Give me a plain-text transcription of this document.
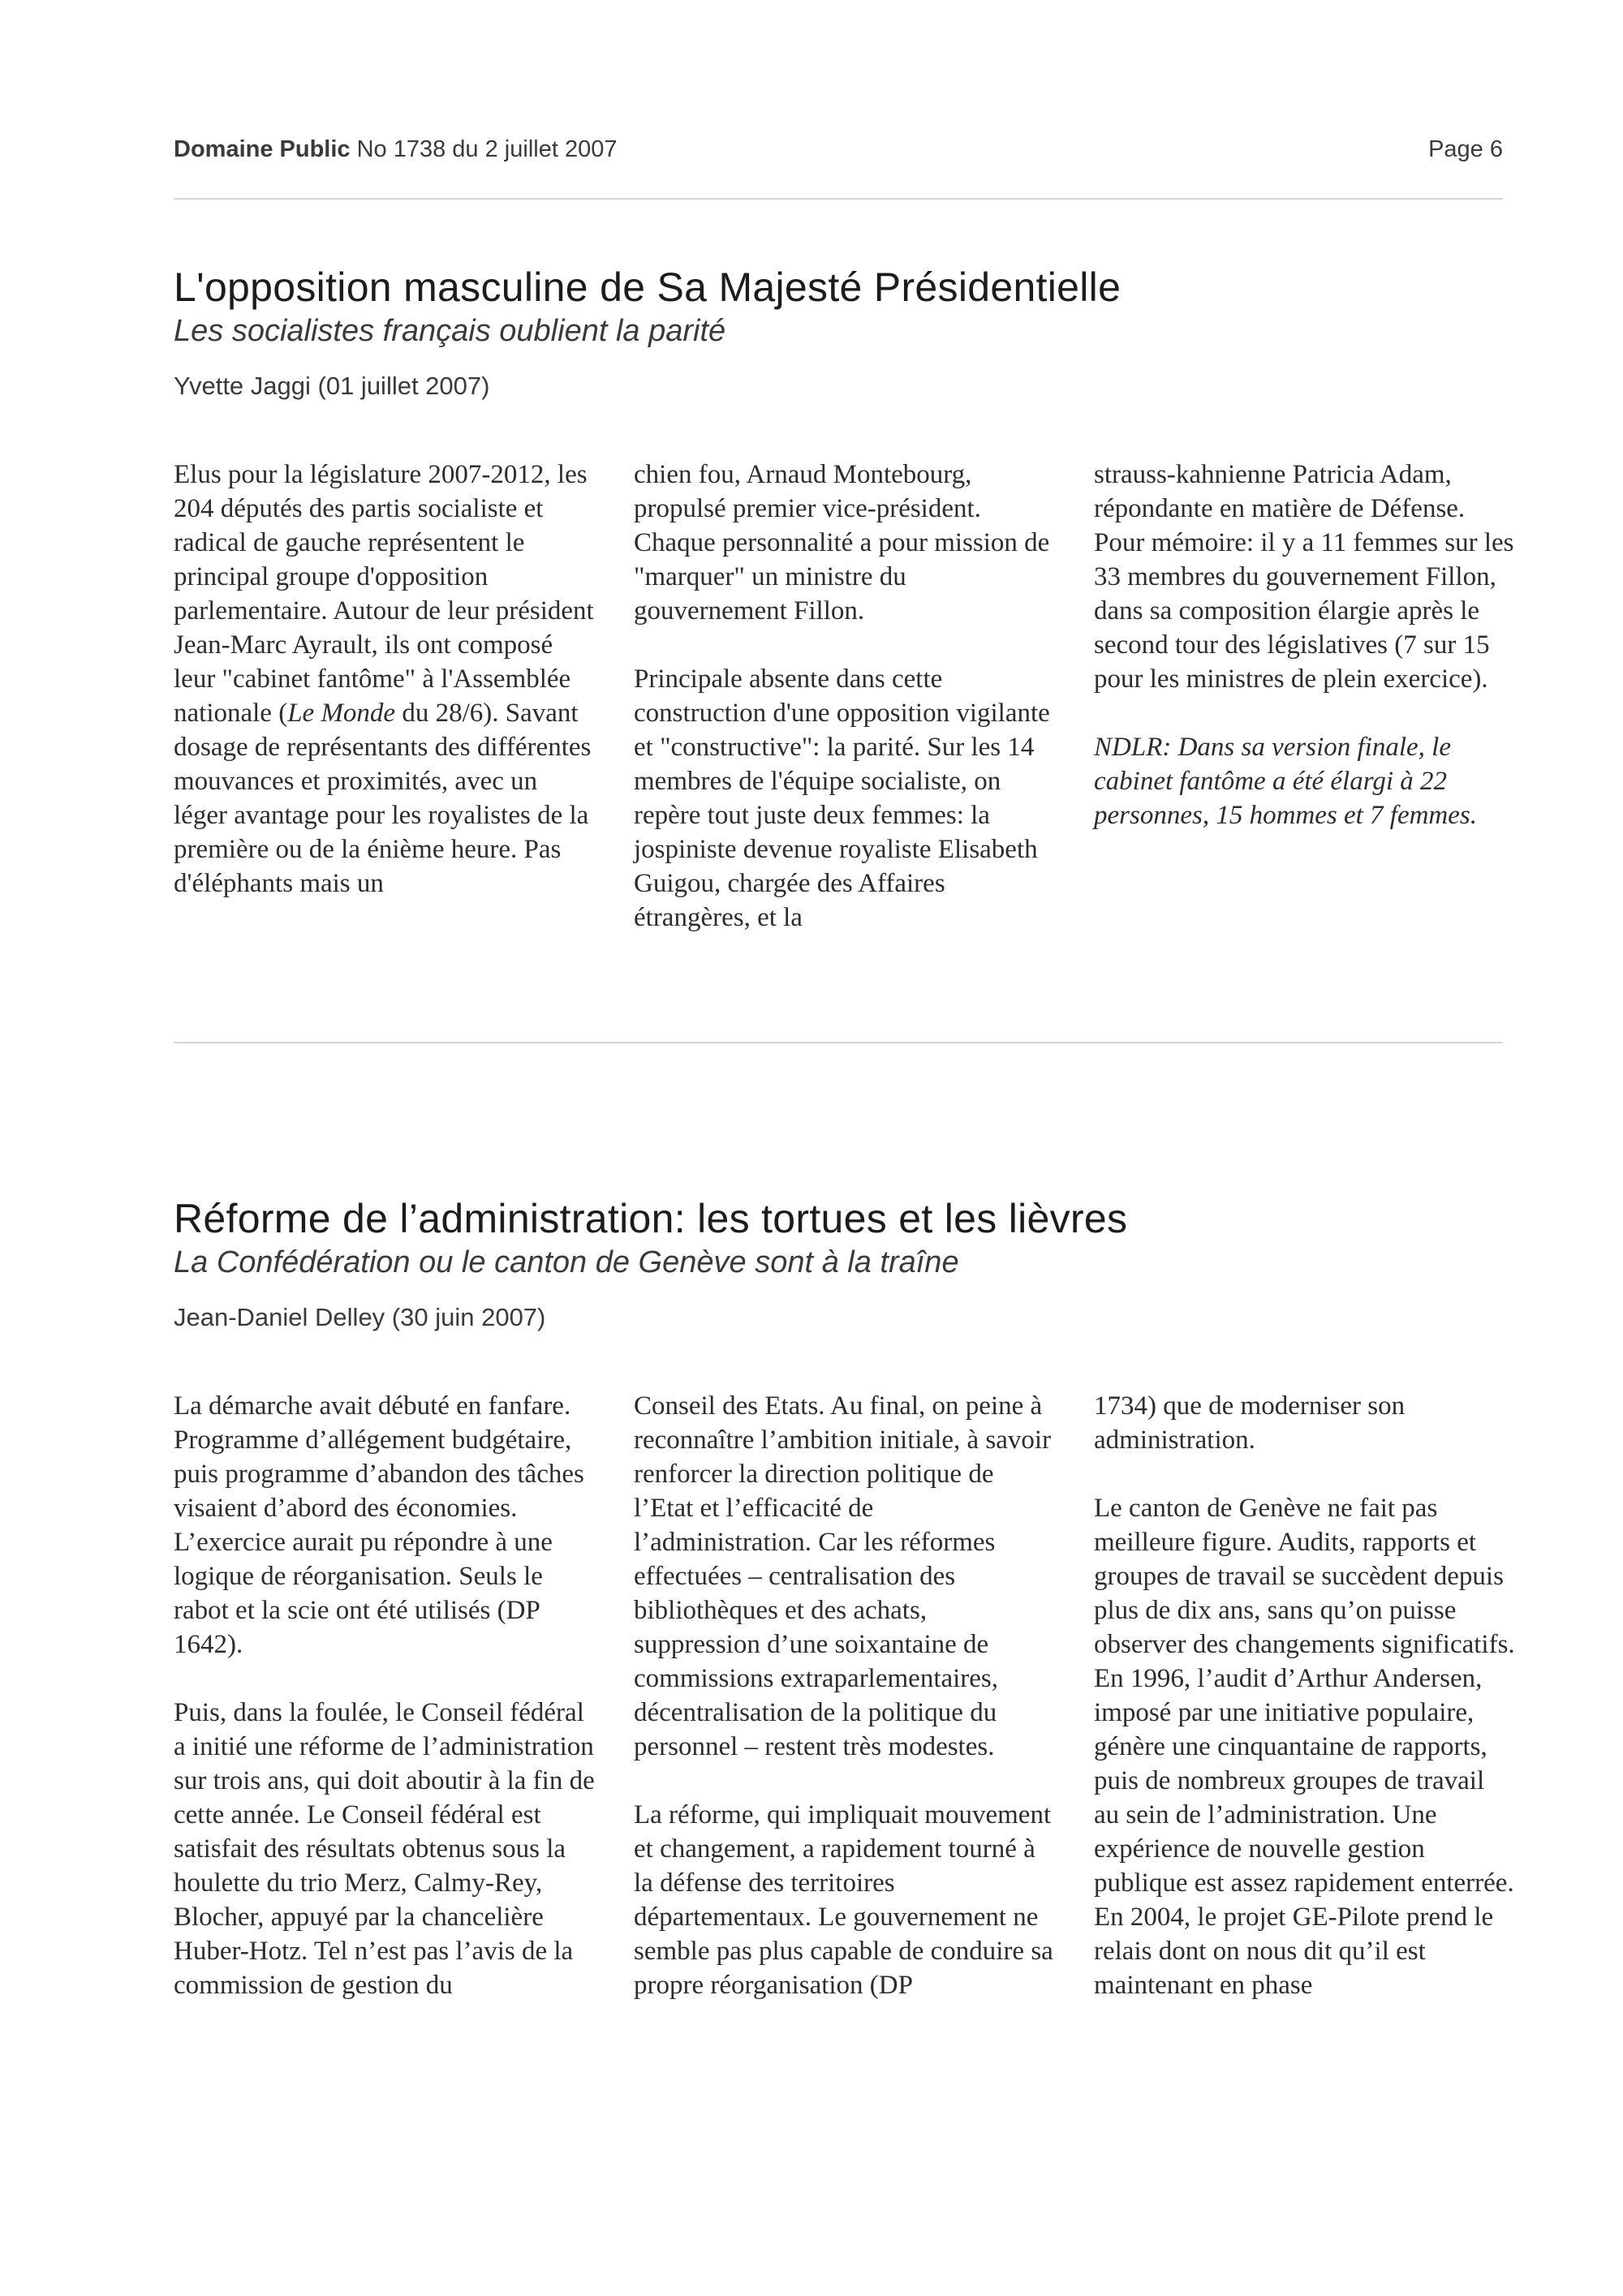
Domaine Public No 1738 du 2 juillet 2007	Page 6
L'opposition masculine de Sa Majesté Présidentielle

Les socialistes français oublient la parité

Yvette Jaggi (01 juillet 2007)

Elus pour la législature 2007-2012, les 204 députés des partis socialiste et radical de gauche représentent le principal groupe d'opposition parlementaire. Autour de leur président Jean-Marc Ayrault, ils ont composé leur "cabinet fantôme" à l'Assemblée nationale (Le Monde du 28/6). Savant dosage de représentants des différentes mouvances et proximités, avec un léger avantage pour les royalistes de la première ou de la énième heure. Pas d'éléphants mais un

chien fou, Arnaud Montebourg, propulsé premier vice-président. Chaque personnalité a pour mission de "marquer" un ministre du gouvernement Fillon.

Principale absente dans cette construction d'une opposition vigilante et "constructive": la parité. Sur les 14 membres de l'équipe socialiste, on repère tout juste deux femmes: la jospiniste devenue royaliste Elisabeth Guigou, chargée des Affaires étrangères, et la

strauss-kahnienne Patricia Adam, répondante en matière de Défense. Pour mémoire: il y a 11 femmes sur les 33 membres du gouvernement Fillon, dans sa composition élargie après le second tour des législatives (7 sur 15 pour les ministres de plein exercice).

NDLR: Dans sa version finale, le cabinet fantôme a été élargi à 22 personnes, 15 hommes et 7 femmes.

Réforme de l’administration: les tortues et les lièvres

La Confédération ou le canton de Genève sont à la traîne

Jean-Daniel Delley (30 juin 2007)

La démarche avait débuté en fanfare. Programme d’allégement budgétaire, puis programme d’abandon des tâches visaient d’abord des économies. L’exercice aurait pu répondre à une logique de réorganisation. Seuls le rabot et la scie ont été utilisés (DP 1642).

Puis, dans la foulée, le Conseil fédéral a initié une réforme de l’administration sur trois ans, qui doit aboutir à la fin de cette année. Le Conseil fédéral est satisfait des résultats obtenus sous la houlette du trio Merz, Calmy-Rey, Blocher, appuyé par la chancelière Huber-Hotz. Tel n’est pas l’avis de la commission de gestion du

Conseil des Etats. Au final, on peine à reconnaître l’ambition initiale, à savoir renforcer la direction politique de l’Etat et l’efficacité de l’administration. Car les réformes effectuées – centralisation des bibliothèques et des achats, suppression d’une soixantaine de commissions extraparlementaires, décentralisation de la politique du personnel – restent très modestes.

La réforme, qui impliquait mouvement et changement, a rapidement tourné à la défense des territoires départementaux. Le gouvernement ne semble pas plus capable de conduire sa propre réorganisation (DP

1734) que de moderniser son administration.

Le canton de Genève ne fait pas meilleure figure. Audits, rapports et groupes de travail se succèdent depuis plus de dix ans, sans qu’on puisse observer des changements significatifs. En 1996, l’audit d’Arthur Andersen, imposé par une initiative populaire, génère une cinquantaine de rapports, puis de nombreux groupes de travail au sein de l’administration. Une expérience de nouvelle gestion publique est assez rapidement enterrée. En 2004, le projet GE-Pilote prend le relais dont on nous dit qu’il est maintenant en phase
